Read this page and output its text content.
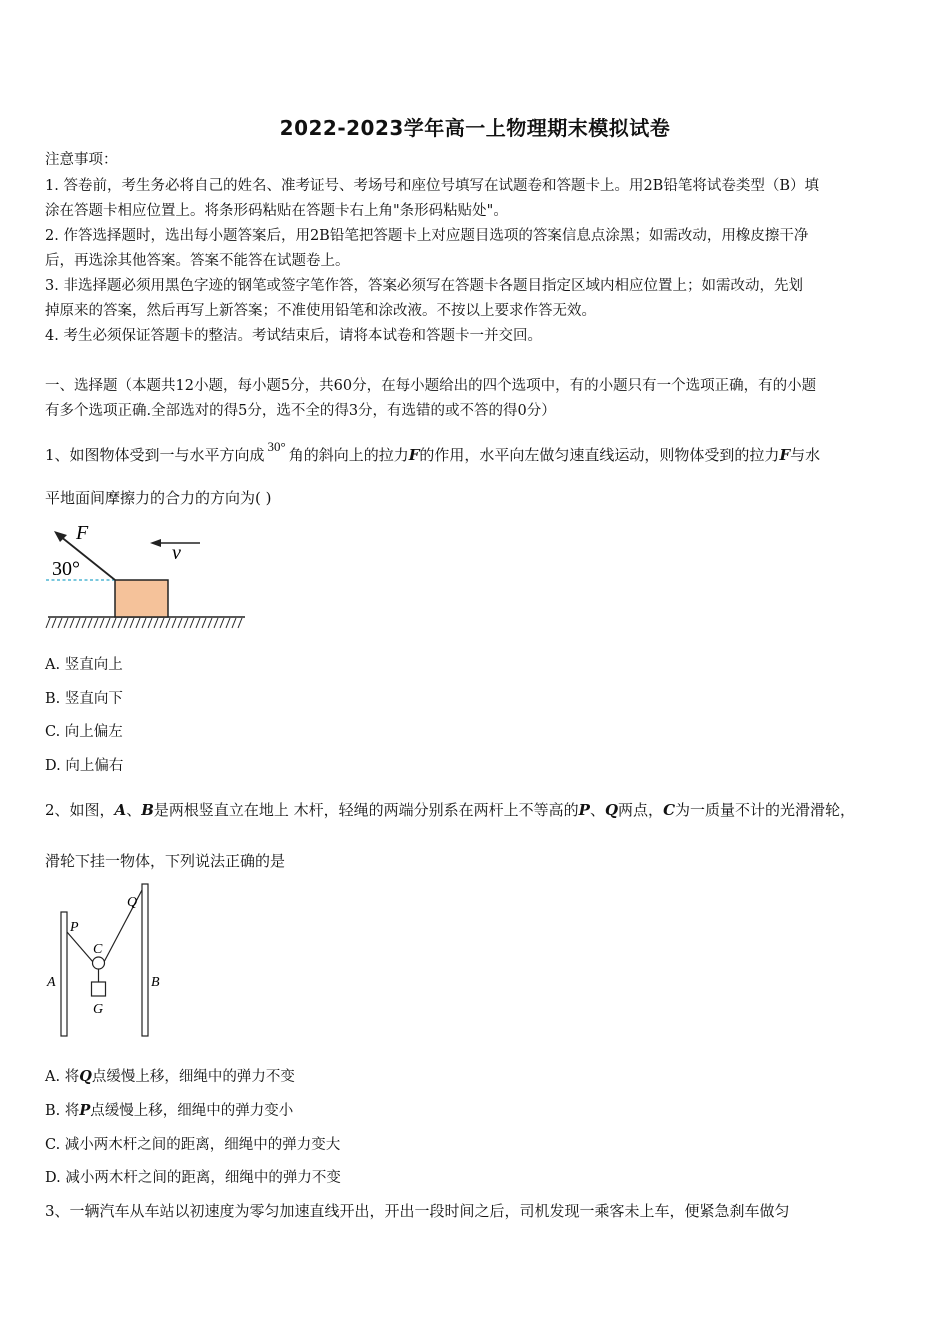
2022-2023学年高一上物理期末模拟试卷
注意事项：
1. 答卷前，考生务必将自己的姓名、准考证号、考场号和座位号填写在试题卷和答题卡上。用2B铅笔将试卷类型（B）填
涂在答题卡相应位置上。将条形码粘贴在答题卡右上角"条形码粘贴处"。
2. 作答选择题时，选出每小题答案后，用2B铅笔把答题卡上对应题目选项的答案信息点涂黑；如需改动，用橡皮擦干净
后，再选涂其他答案。答案不能答在试题卷上。
3. 非选择题必须用黑色字迹的钢笔或签字笔作答，答案必须写在答题卡各题目指定区域内相应位置上；如需改动，先划
掉原来的答案，然后再写上新答案；不准使用铅笔和涂改液。不按以上要求作答无效。
4. 考生必须保证答题卡的整洁。考试结束后，请将本试卷和答题卡一并交回。
一、选择题（本题共12小题，每小题5分，共60分，在每小题给出的四个选项中，有的小题只有一个选项正确，有的小题
有多个选项正确.全部选对的得5分，选不全的得3分，有选错的或不答的得0分）
1、如图物体受到一与水平方向成 30° 角的斜向上的拉力F的作用，水平向左做匀速直线运动，则物体受到的拉力F与水
平地面间摩擦力的合力的方向为( )
F
30°
v
A. 竖直向上
B. 竖直向下
C. 向上偏左
D. 向上偏右
2、如图，A、B是两根竖直立在地上 木杆，轻绳的两端分别系在两杆上不等高的P、Q两点，C为一质量不计的光滑滑轮，
滑轮下挂一物体，下列说法正确的是
P
Q
C
A	B
G
A. 将Q点缓慢上移，细绳中的弹力不变
B. 将P点缓慢上移，细绳中的弹力变小
C. 减小两木杆之间的距离，细绳中的弹力变大
D. 减小两木杆之间的距离，细绳中的弹力不变
3、一辆汽车从车站以初速度为零匀加速直线开出，开出一段时间之后，司机发现一乘客未上车，便紧急刹车做匀
